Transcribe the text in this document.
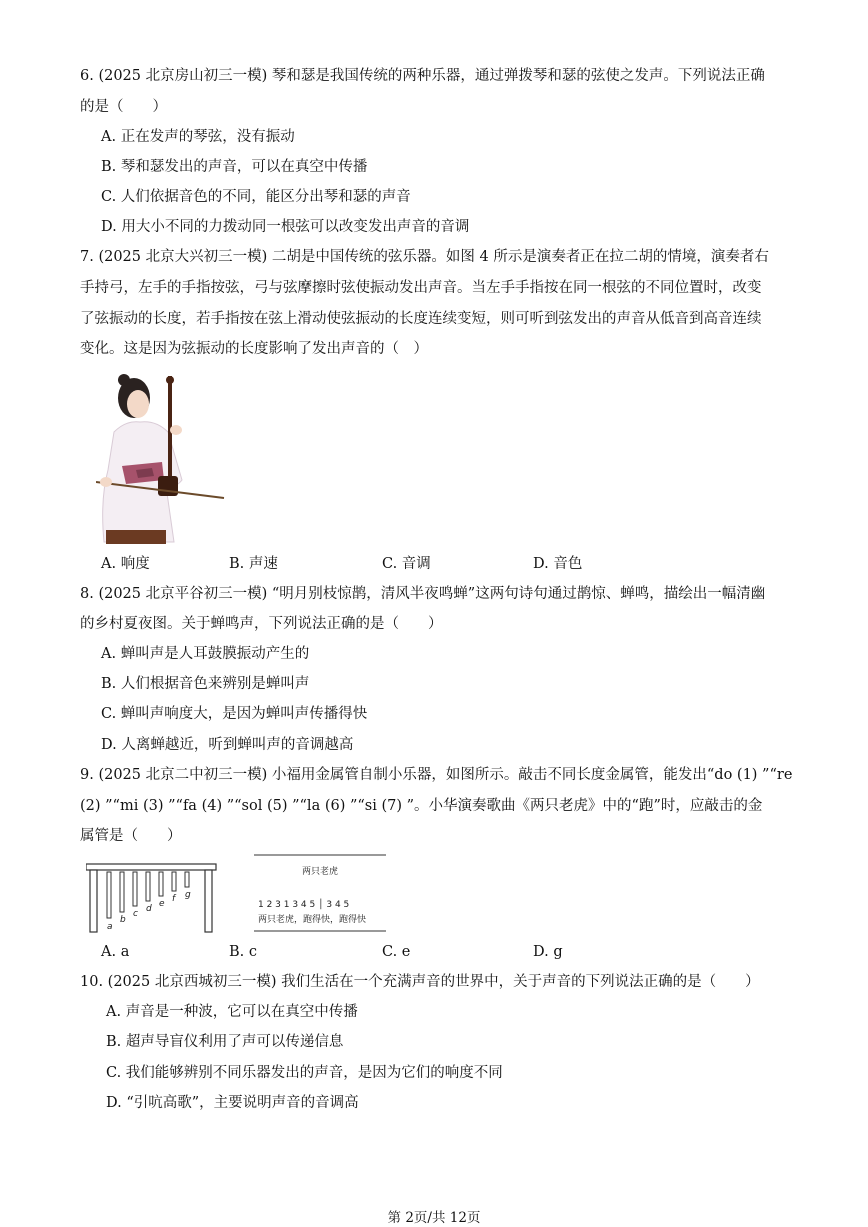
6. (2025 北京房山初三一模) 琴和瑟是我国传统的两种乐器，通过弹拨琴和瑟的弦使之发声。下列说法正确
的是（　　）
A. 正在发声的琴弦，没有振动
B. 琴和瑟发出的声音，可以在真空中传播
C. 人们依据音色的不同，能区分出琴和瑟的声音
D. 用大小不同的力拨动同一根弦可以改变发出声音的音调
7. (2025 北京大兴初三一模) 二胡是中国传统的弦乐器。如图 4 所示是演奏者正在拉二胡的情境，演奏者右
手持弓，左手的手指按弦，弓与弦摩擦时弦使振动发出声音。当左手手指按在同一根弦的不同位置时，改变
了弦振动的长度，若手指按在弦上滑动使弦振动的长度连续变短，则可听到弦发出的声音从低音到高音连续
变化。这是因为弦振动的长度影响了发出声音的（　）
A. 响度	B. 声速	C. 音调	D. 音色
8. (2025 北京平谷初三一模) “明月别枝惊鹊，清风半夜鸣蝉”这两句诗句通过鹊惊、蝉鸣，描绘出一幅清幽
的乡村夏夜图。关于蝉鸣声，下列说法正确的是（　　）
A. 蝉叫声是人耳鼓膜振动产生的
B. 人们根据音色来辨别是蝉叫声
C. 蝉叫声响度大，是因为蝉叫声传播得快
D. 人离蝉越近，听到蝉叫声的音调越高
9. (2025 北京二中初三一模) 小福用金属管自制小乐器，如图所示。敲击不同长度金属管，能发出“do (1) ”“re
(2) ”“mi (3) ”“fa (4) ”“sol (5) ”“la (6) ”“si (7) ”。小华演奏歌曲《两只老虎》中的“跑”时，应敲击的金
属管是（　　）
a
b
c d e f g
两只老虎
1 2 3 1 3 4 5 │ 3 4 5
两只老虎，跑得快，跑得快
A. a	B. c	C. e	D. g
10. (2025 北京西城初三一模) 我们生活在一个充满声音的世界中，关于声音的下列说法正确的是（　　）
A. 声音是一种波，它可以在真空中传播
B. 超声导盲仪利用了声可以传递信息
C. 我们能够辨别不同乐器发出的声音，是因为它们的响度不同
D. “引吭高歌”，主要说明声音的音调高
第 2页/共 12页
